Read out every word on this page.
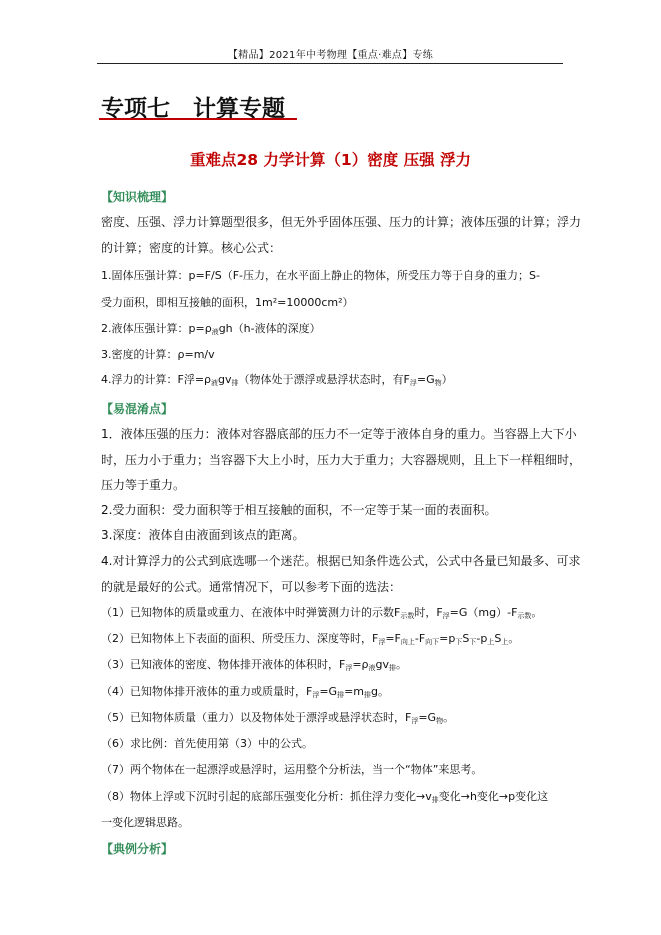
【精品】2021年中考物理【重点·难点】专练
专项七　计算专题
重难点28 力学计算（1）密度 压强 浮力
【知识梳理】
密度、压强、浮力计算题型很多，但无外乎固体压强、压力的计算；液体压强的计算；浮力
的计算；密度的计算。核心公式：
1.固体压强计算：p=F/S（F-压力，在水平面上静止的物体，所受压力等于自身的重力；S-
受力面积，即相互接触的面积，1m²=10000cm²）
2.液体压强计算：$p=\rho_液gh(h-$液体的深度）
3.密度的计算：ρ=m/v
4.浮力的计算：F浮$=\rho_液gv_排$（物体处于漂浮或悬浮状态时，有$F_浮=G_物$）
【易混淆点】
1．液体压强的压力：液体对容器底部的压力不一定等于液体自身的重力。当容器上大下小
时，压力小于重力；当容器下大上小时，压力大于重力；大容器规则，且上下一样粗细时，
压力等于重力。
2.受力面积：受力面积等于相互接触的面积，不一定等于某一面的表面积。
3.深度：液体自由液面到该点的距离。
4.对计算浮力的公式到底选哪一个迷茫。根据已知条件选公式，公式中各量已知最多、可求
的就是最好的公式。通常情况下，可以参考下面的选法：
（1）已知物体的质量或重力、在液体中时弹簧测力计的示数$F_{示数}$时，$F_浮=G(mg)-F_{示数}$。
（2）已知物体上下表面的面积、所受压力、深度等时，$F_浮=F_{向上}-F_{向下}=p_下S_下-p_上S_上$。
（3）已知液体的密度、物体排开液体的体积时，$F_浮=\rho_液gv_排$。
（4）已知物体排开液体的重力或质量时，$F_浮=G_排=m_排g$。
（5）已知物体质量（重力）以及物体处于漂浮或悬浮状态时，$F_浮=G_物$。
（6）求比例：首先使用第（3）中的公式。
（7）两个物体在一起漂浮或悬浮时，运用整个分析法，当一个“物体”来思考。
（8）物体上浮或下沉时引起的底部压强变化分析：抓住浮力变化$\to v_排$变化→h变化→p变化这
一变化逻辑思路。
【典例分析】
